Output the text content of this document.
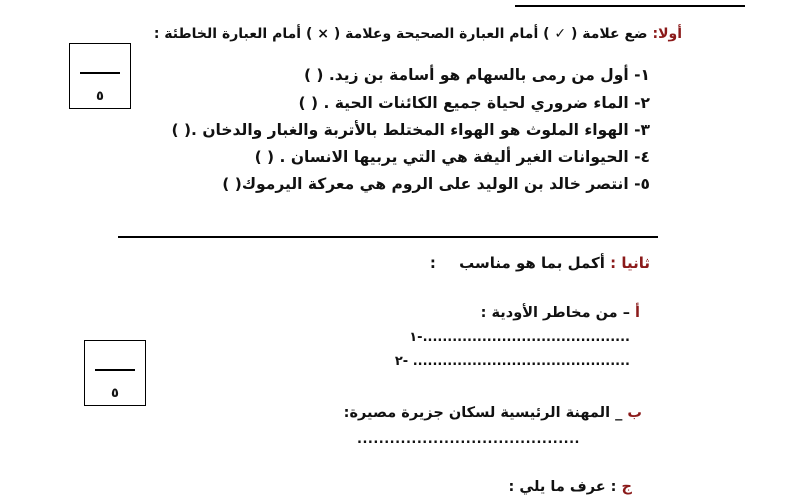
أولا: ضع علامة ( ✓ ) أمام العبارة الصحيحة وعلامة ( × ) أمام العبارة الخاطئة :
٥
١- أول من رمى بالسهام هو أسامة بن زيد. ( )
٢- الماء ضروري لحياة جميع الكائنات الحية . ( )
٣- الهواء الملوث هو الهواء المختلط بالأتربة والغبار والدخان .( )
٤- الحيوانات الغير أليفة هي التي يربيها الانسان . ( )
٥- انتصر خالد بن الوليد على الروم هي معركة اليرموك( )
ثانيا : أكمل بما هو مناسب :
٥
أ – من مخاطر الأودية :
١-..........................................
٢- ............................................
ب _ المهنة الرئيسية لسكان جزيرة مصيرة:
.........................................
ج : عرف ما يلي :
